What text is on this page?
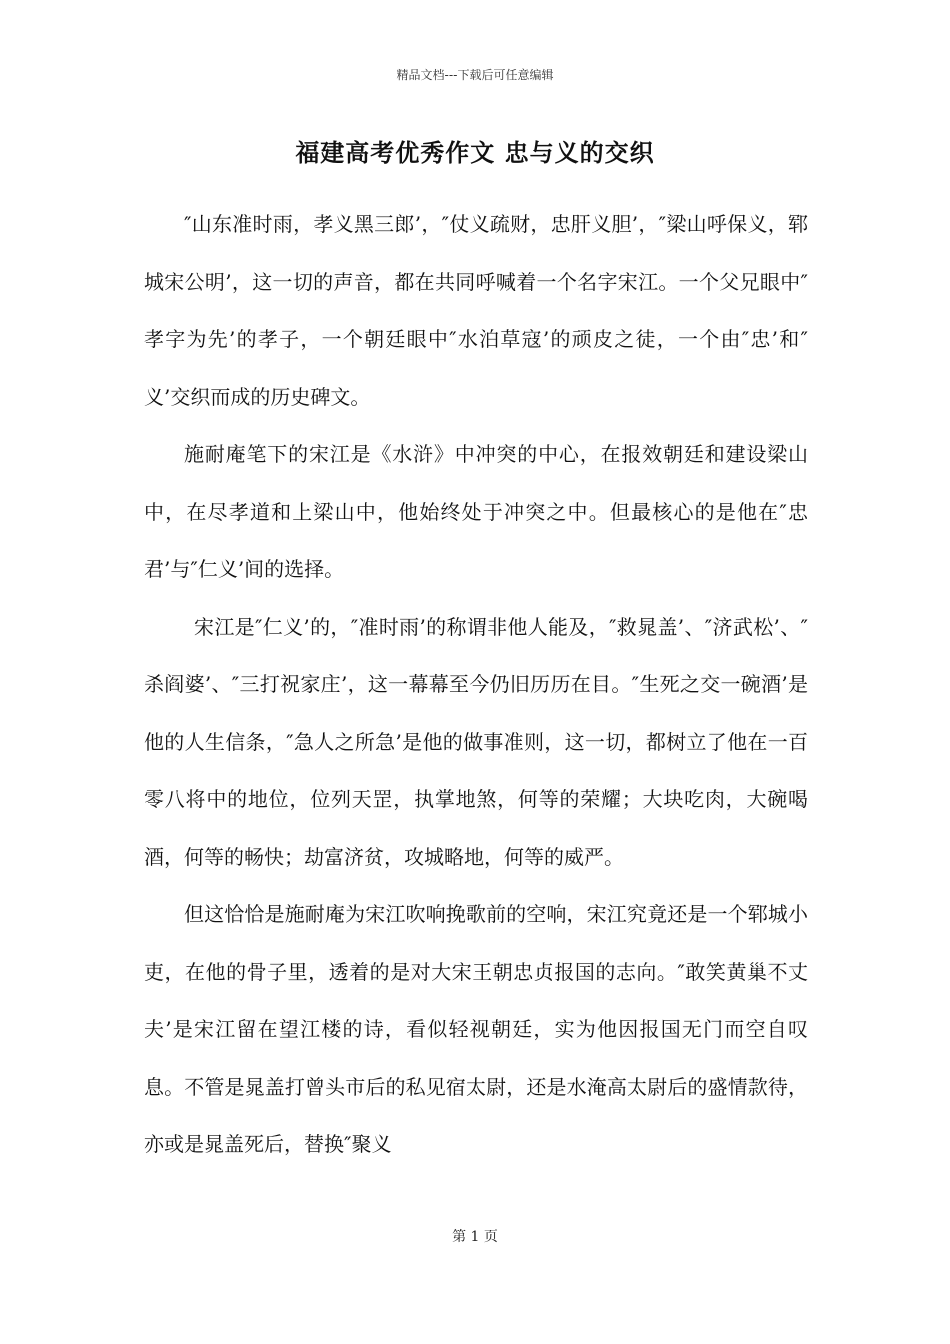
精品文档---下载后可任意编辑
福建高考优秀作文 忠与义的交织

″山东准时雨，孝义黑三郎’，″仗义疏财，忠肝义胆’，″梁山呼保义，郓城宋公明’，这一切的声音，都在共同呼喊着一个名字宋江。一个父兄眼中″孝字为先’的孝子，一个朝廷眼中″水泊草寇’的顽皮之徒，一个由″忠’和″义’交织而成的历史碑文。

施耐庵笔下的宋江是《水浒》中冲突的中心，在报效朝廷和建设梁山中，在尽孝道和上梁山中，他始终处于冲突之中。但最核心的是他在″忠君’与″仁义’间的选择。

宋江是″仁义’的，″准时雨’的称谓非他人能及，″救晁盖’、″济武松’、″杀阎婆’、″三打祝家庄’，这一幕幕至今仍旧历历在目。″生死之交一碗酒’是他的人生信条，″急人之所急’是他的做事准则，这一切，都树立了他在一百零八将中的地位，位列天罡，执掌地煞，何等的荣耀；大块吃肉，大碗喝酒，何等的畅快；劫富济贫，攻城略地，何等的威严。

但这恰恰是施耐庵为宋江吹响挽歌前的空响，宋江究竟还是一个郓城小吏，在他的骨子里，透着的是对大宋王朝忠贞报国的志向。″敢笑黄巢不丈夫’是宋江留在望江楼的诗，看似轻视朝廷，实为他因报国无门而空自叹息。不管是晁盖打曾头市后的私见宿太尉，还是水淹高太尉后的盛情款待，亦或是晁盖死后，替换″聚义

第 1 页
